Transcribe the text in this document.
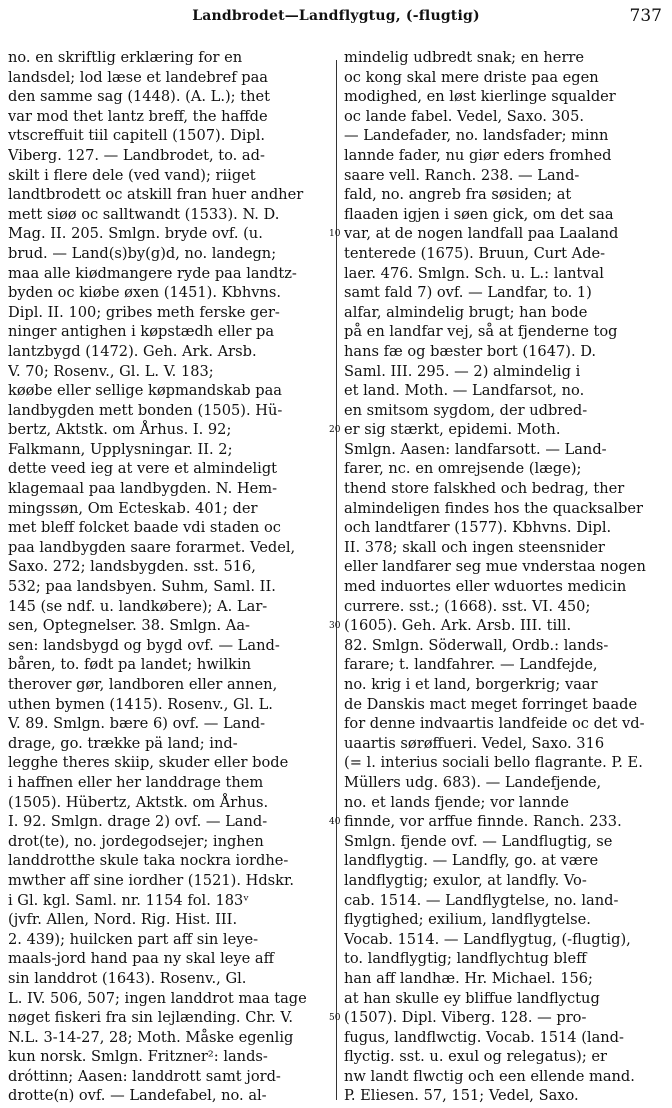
Landbrodet—Landflygtug, (-flugtig)	737
no. en skriftlig erklæring for en
landsdel; lod læse et landebref paa
den samme sag (1448). (A. L.); thet
var mod thet lantz breff, the haffde
vtscreffuit tiil capitell (1507). Dipl.
Viberg. 127. — Landbrodet, to. ad-
skilt i flere dele (ved vand); riiget
landtbrodett oc atskill fran huer andher
mett siøø oc salltwandt (1533). N. D.
Mag. II. 205. Smlgn. bryde ovf. (u.
brud. — Land(s)by(g)d, no. landegn;
maa alle kiødmangere ryde paa landtz-
byden oc kiøbe øxen (1451). Kbhvns.
Dipl. II. 100; gribes meth ferske ger-
ninger antighen i køpstædh eller pa
lantzbygd (1472). Geh. Ark. Arsb.
V. 70; Rosenv., Gl. L. V. 183;
køøbe eller sellige køpmandskab paa
landbygden mett bonden (1505). Hü-
bertz, Aktstk. om Århus. I. 92;
Falkmann, Upplysningar. II. 2;
dette veed ieg at vere et almindeligt
klagemaal paa landbygden. N. Hem-
mingssøn, Om Ecteskab. 401; der
met bleff folcket baade vdi staden oc
paa landbygden saare forarmet. Vedel,
Saxo. 272; landsbygden. sst. 516,
532; paa landsbyen. Suhm, Saml. II.
145 (se ndf. u. landkøbere); A. Lar-
sen, Optegnelser. 38. Smlgn. Aa-
sen: landsbygd og bygd ovf. — Land-
båren, to. født pa landet; hwilkin
therover gør, landboren eller annen,
uthen bymen (1415). Rosenv., Gl. L.
V. 89. Smlgn. bære 6) ovf. — Land-
drage, go. trække pä land; ind-
legghe theres skiip, skuder eller bode
i haffnen eller her landdrage them
(1505). Hübertz, Aktstk. om Århus.
I. 92. Smlgn. drage 2) ovf. — Land-
drot(te), no. jordegodsejer; inghen
landdrotthe skule taka nockra iordhe-
mwther aff sine iordher (1521). Hdskr.
i Gl. kgl. Saml. nr. 1154 fol. 183ᵛ
(jvfr. Allen, Nord. Rig. Hist. III.
2. 439); huilcken part aff sin leye-
maals-jord hand paa ny skal leye aff
sin landdrot (1643). Rosenv., Gl.
L. IV. 506, 507; ingen landdrot maa tage
nøget fiskeri fra sin lejlænding. Chr. V.
N.L. 3-14-27, 28; Moth. Måske egenlig
kun norsk. Smlgn. Fritzner²: lands-
dróttinn; Aasen: landdrott samt jord-
drotte(n) ovf. — Landefabel, no. al-
mindelig udbredt snak; en herre
oc kong skal mere driste paa egen
modighed, en løst kierlinge squalder
oc lande fabel. Vedel, Saxo. 305.
— Landefader, no. landsfader; minn
lannde fader, nu giør eders fromhed
saare vell. Ranch. 238. — Land-
fald, no. angreb fra søsiden; at
flaaden igjen i søen gick, om det saa
var, at de nogen landfall paa Laaland
tenterede (1675). Bruun, Curt Ade-
laer. 476. Smlgn. Sch. u. L.: lantval
samt fald 7) ovf. — Landfar, to. 1)
alfar, almindelig brugt; han bode
på en landfar vej, så at fjenderne tog
hans fæ og bæster bort (1647). D.
Saml. III. 295. — 2) almindelig i
et land. Moth. — Landfarsot, no.
en smitsom sygdom, der udbred-
er sig stærkt, epidemi. Moth.
Smlgn. Aasen: landfarsott. — Land-
farer, nc. en omrejsende (læge);
thend store falskhed och bedrag, ther
almindeligen findes hos the quacksalber
och landtfarer (1577). Kbhvns. Dipl.
II. 378; skall och ingen steensnider
eller landfarer seg mue vnderstaa nogen
med induortes eller wduortes medicin
currere. sst.; (1668). sst. VI. 450;
(1605). Geh. Ark. Arsb. III. till.
82. Smlgn. Söderwall, Ordb.: lands-
farare; t. landfahrer. — Landfejde,
no. krig i et land, borgerkrig; vaar
de Danskis mact meget forringet baade
for denne indvaartis landfeide oc det vd-
uaartis sørøffueri. Vedel, Saxo. 316
(= l. interius sociali bello flagrante. P. E.
Müllers udg. 683). — Landefjende,
no. et lands fjende; vor lannde
finnde, vor arffue finnde. Ranch. 233.
Smlgn. fjende ovf. — Landflugtig, se
landflygtig. — Landfly, go. at være
landflygtig; exulor, at landfly. Vo-
cab. 1514. — Landflygtelse, no. land-
flygtighed; exilium, landflygtelse.
Vocab. 1514. — Landflygtug, (-flugtig),
to. landflygtig; landflychtug bleff
han aff landhæ. Hr. Michael. 156;
at han skulle ey bliffue landflyctug
(1507). Dipl. Viberg. 128. — pro-
fugus, landflwctig. Vocab. 1514 (land-
flyctig. sst. u. exul og relegatus); er
nw landt flwctig och een ellende mand.
P. Eliesen. 57, 151; Vedel, Saxo.
10
20
30
40
50
